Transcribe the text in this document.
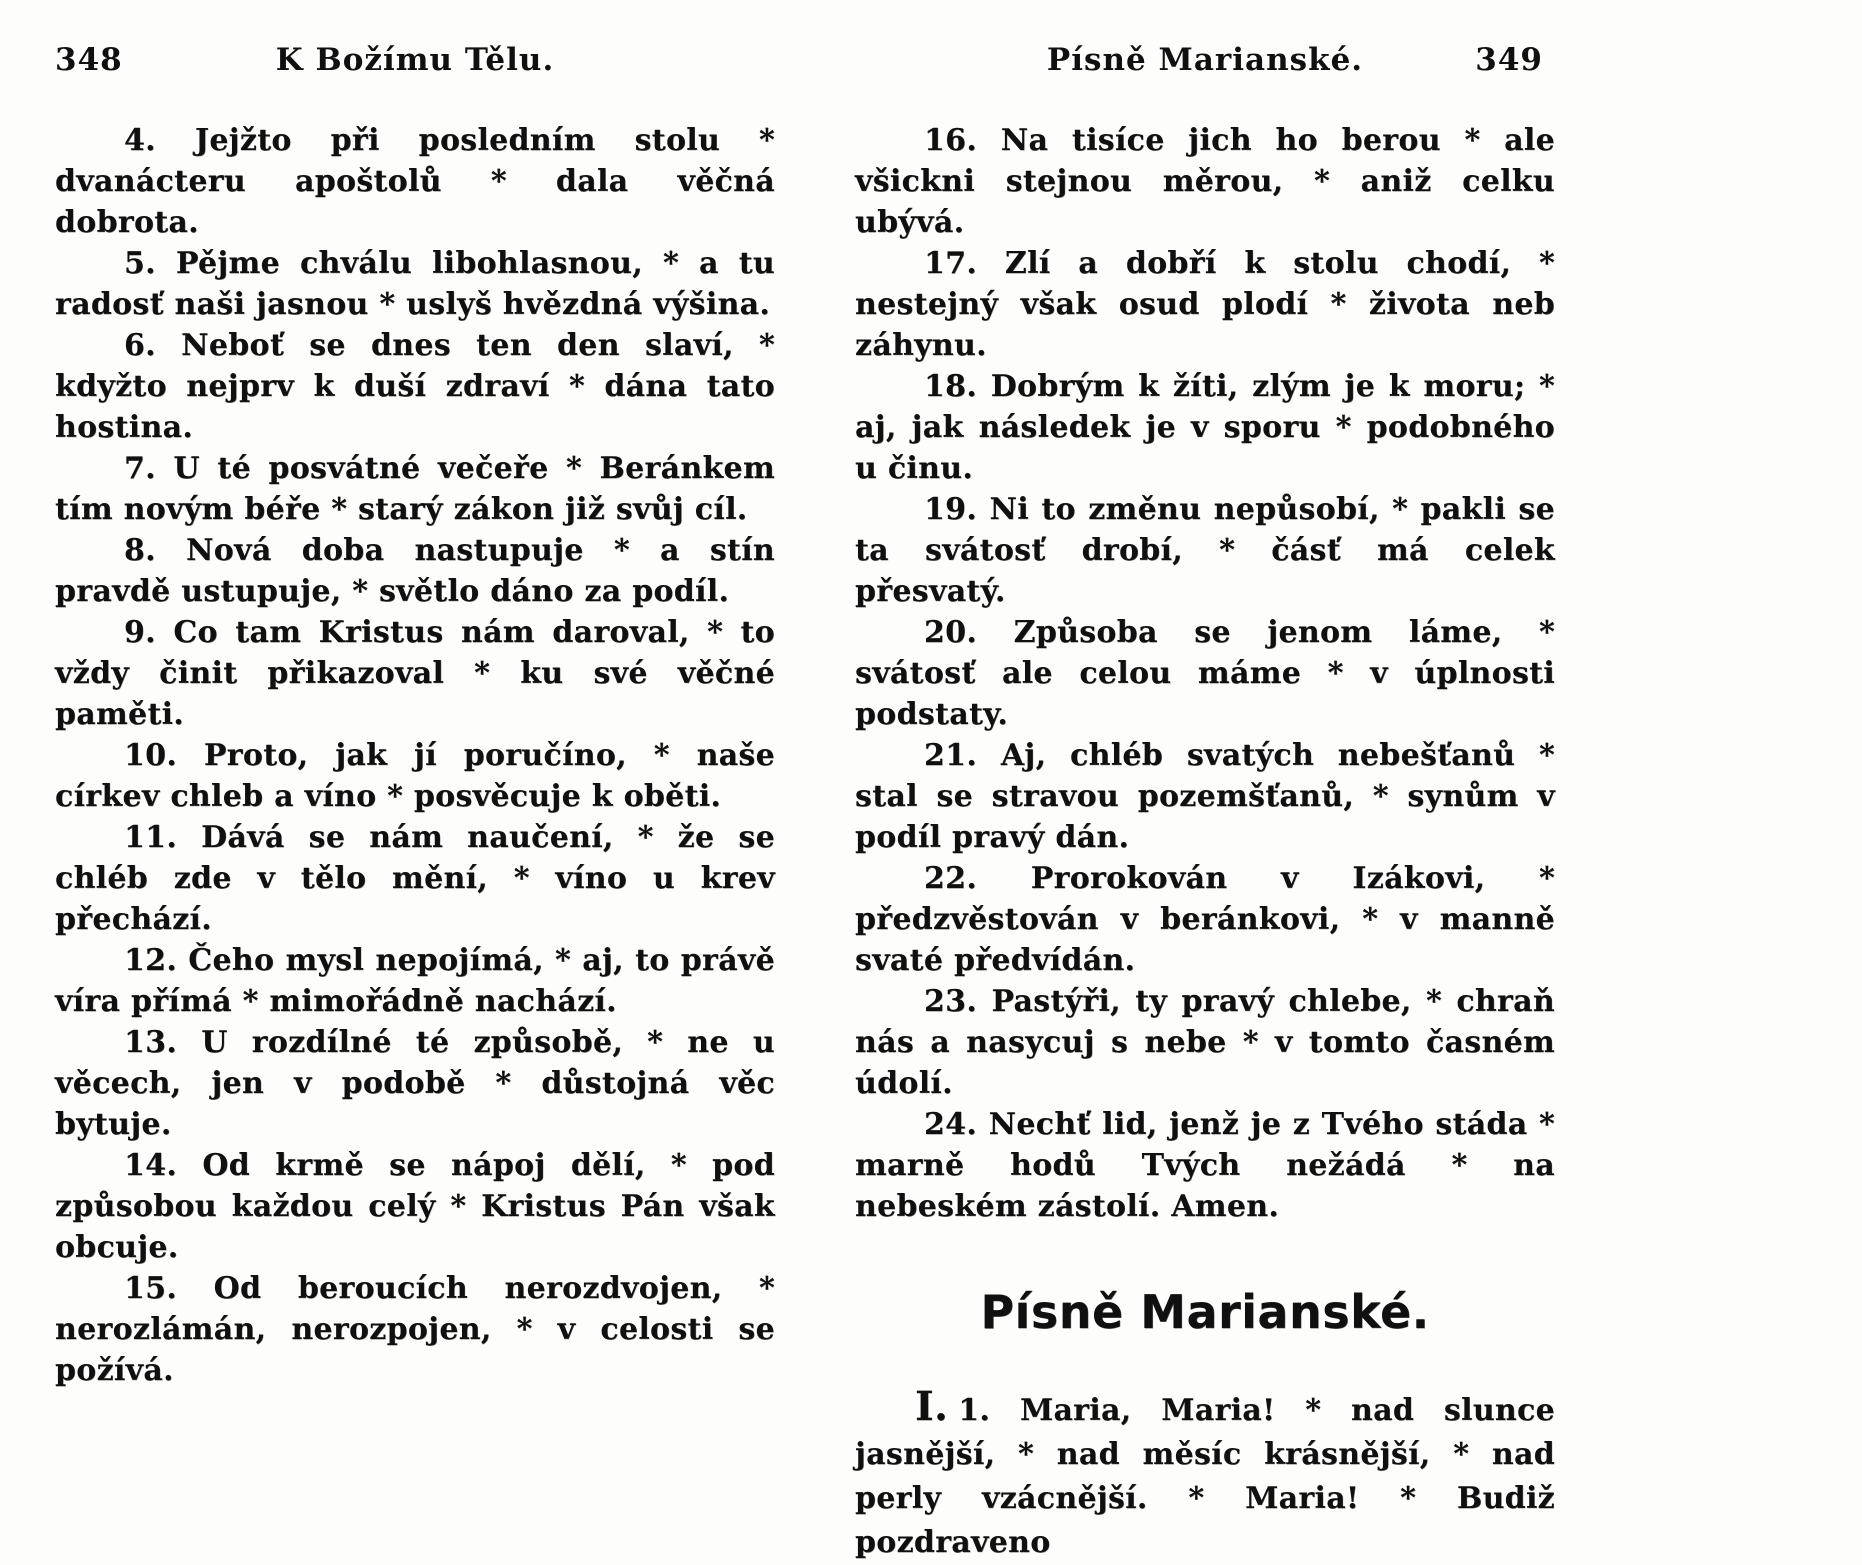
348	K Božímu Tělu.

4. Jejžto při posledním stolu * dvanácteru apoštolů * dala věčná dobrota.

5. Pějme chválu libohlasnou, * a tu radosť naši jasnou * uslyš hvězdná výšina.

6. Neboť se dnes ten den slaví, * kdyžto nejprv k duší zdraví * dána tato hostina.

7. U té posvátné večeře * Beránkem tím novým béře * starý zákon již svůj cíl.

8. Nová doba nastupuje * a stín pravdě ustupuje, * světlo dáno za podíl.

9. Co tam Kristus nám daroval, * to vždy činit přikazoval * ku své věčné paměti.

10. Proto, jak jí poručíno, * naše církev chleb a víno * posvěcuje k oběti.

11. Dává se nám naučení, * že se chléb zde v tělo mění, * víno u krev přechází.

12. Čeho mysl nepojímá, * aj, to právě víra přímá * mimořádně nachází.

13. U rozdílné té způsobě, * ne u věcech, jen v podobě * důstojná věc bytuje.

14. Od krmě se nápoj dělí, * pod způsobou každou celý * Kristus Pán však obcuje.

15. Od beroucích nerozdvojen, * nerozlámán, nerozpojen, * v celosti se požívá.

Písně Marianské.	349

16. Na tisíce jich ho berou * ale všickni stejnou měrou, * aniž celku ubývá.

17. Zlí a dobří k stolu chodí, * nestejný však osud plodí * života neb záhynu.

18. Dobrým k žíti, zlým je k moru; * aj, jak následek je v sporu * podobného u činu.

19. Ni to změnu nepůsobí, * pakli se ta svátosť drobí, * čásť má celek přesvatý.

20. Způsoba se jenom láme, * svátosť ale celou máme * v úplnosti podstaty.

21. Aj, chléb svatých nebešťanů * stal se stravou pozemšťanů, * synům v podíl pravý dán.

22. Prorokován v Izákovi, * předzvěstován v beránkovi, * v manně svaté předvídán.

23. Pastýři, ty pravý chlebe, * chraň nás a nasycuj s nebe * v tomto časném údolí.

24. Nechť lid, jenž je z Tvého stáda * marně hodů Tvých nežádá * na nebeském zástolí. Amen.

Písně Marianské.

I. 1. Maria, Maria! * nad slunce jasnější, * nad měsíc krásnější, * nad perly vzácnější. * Maria! * Budiž pozdraveno
